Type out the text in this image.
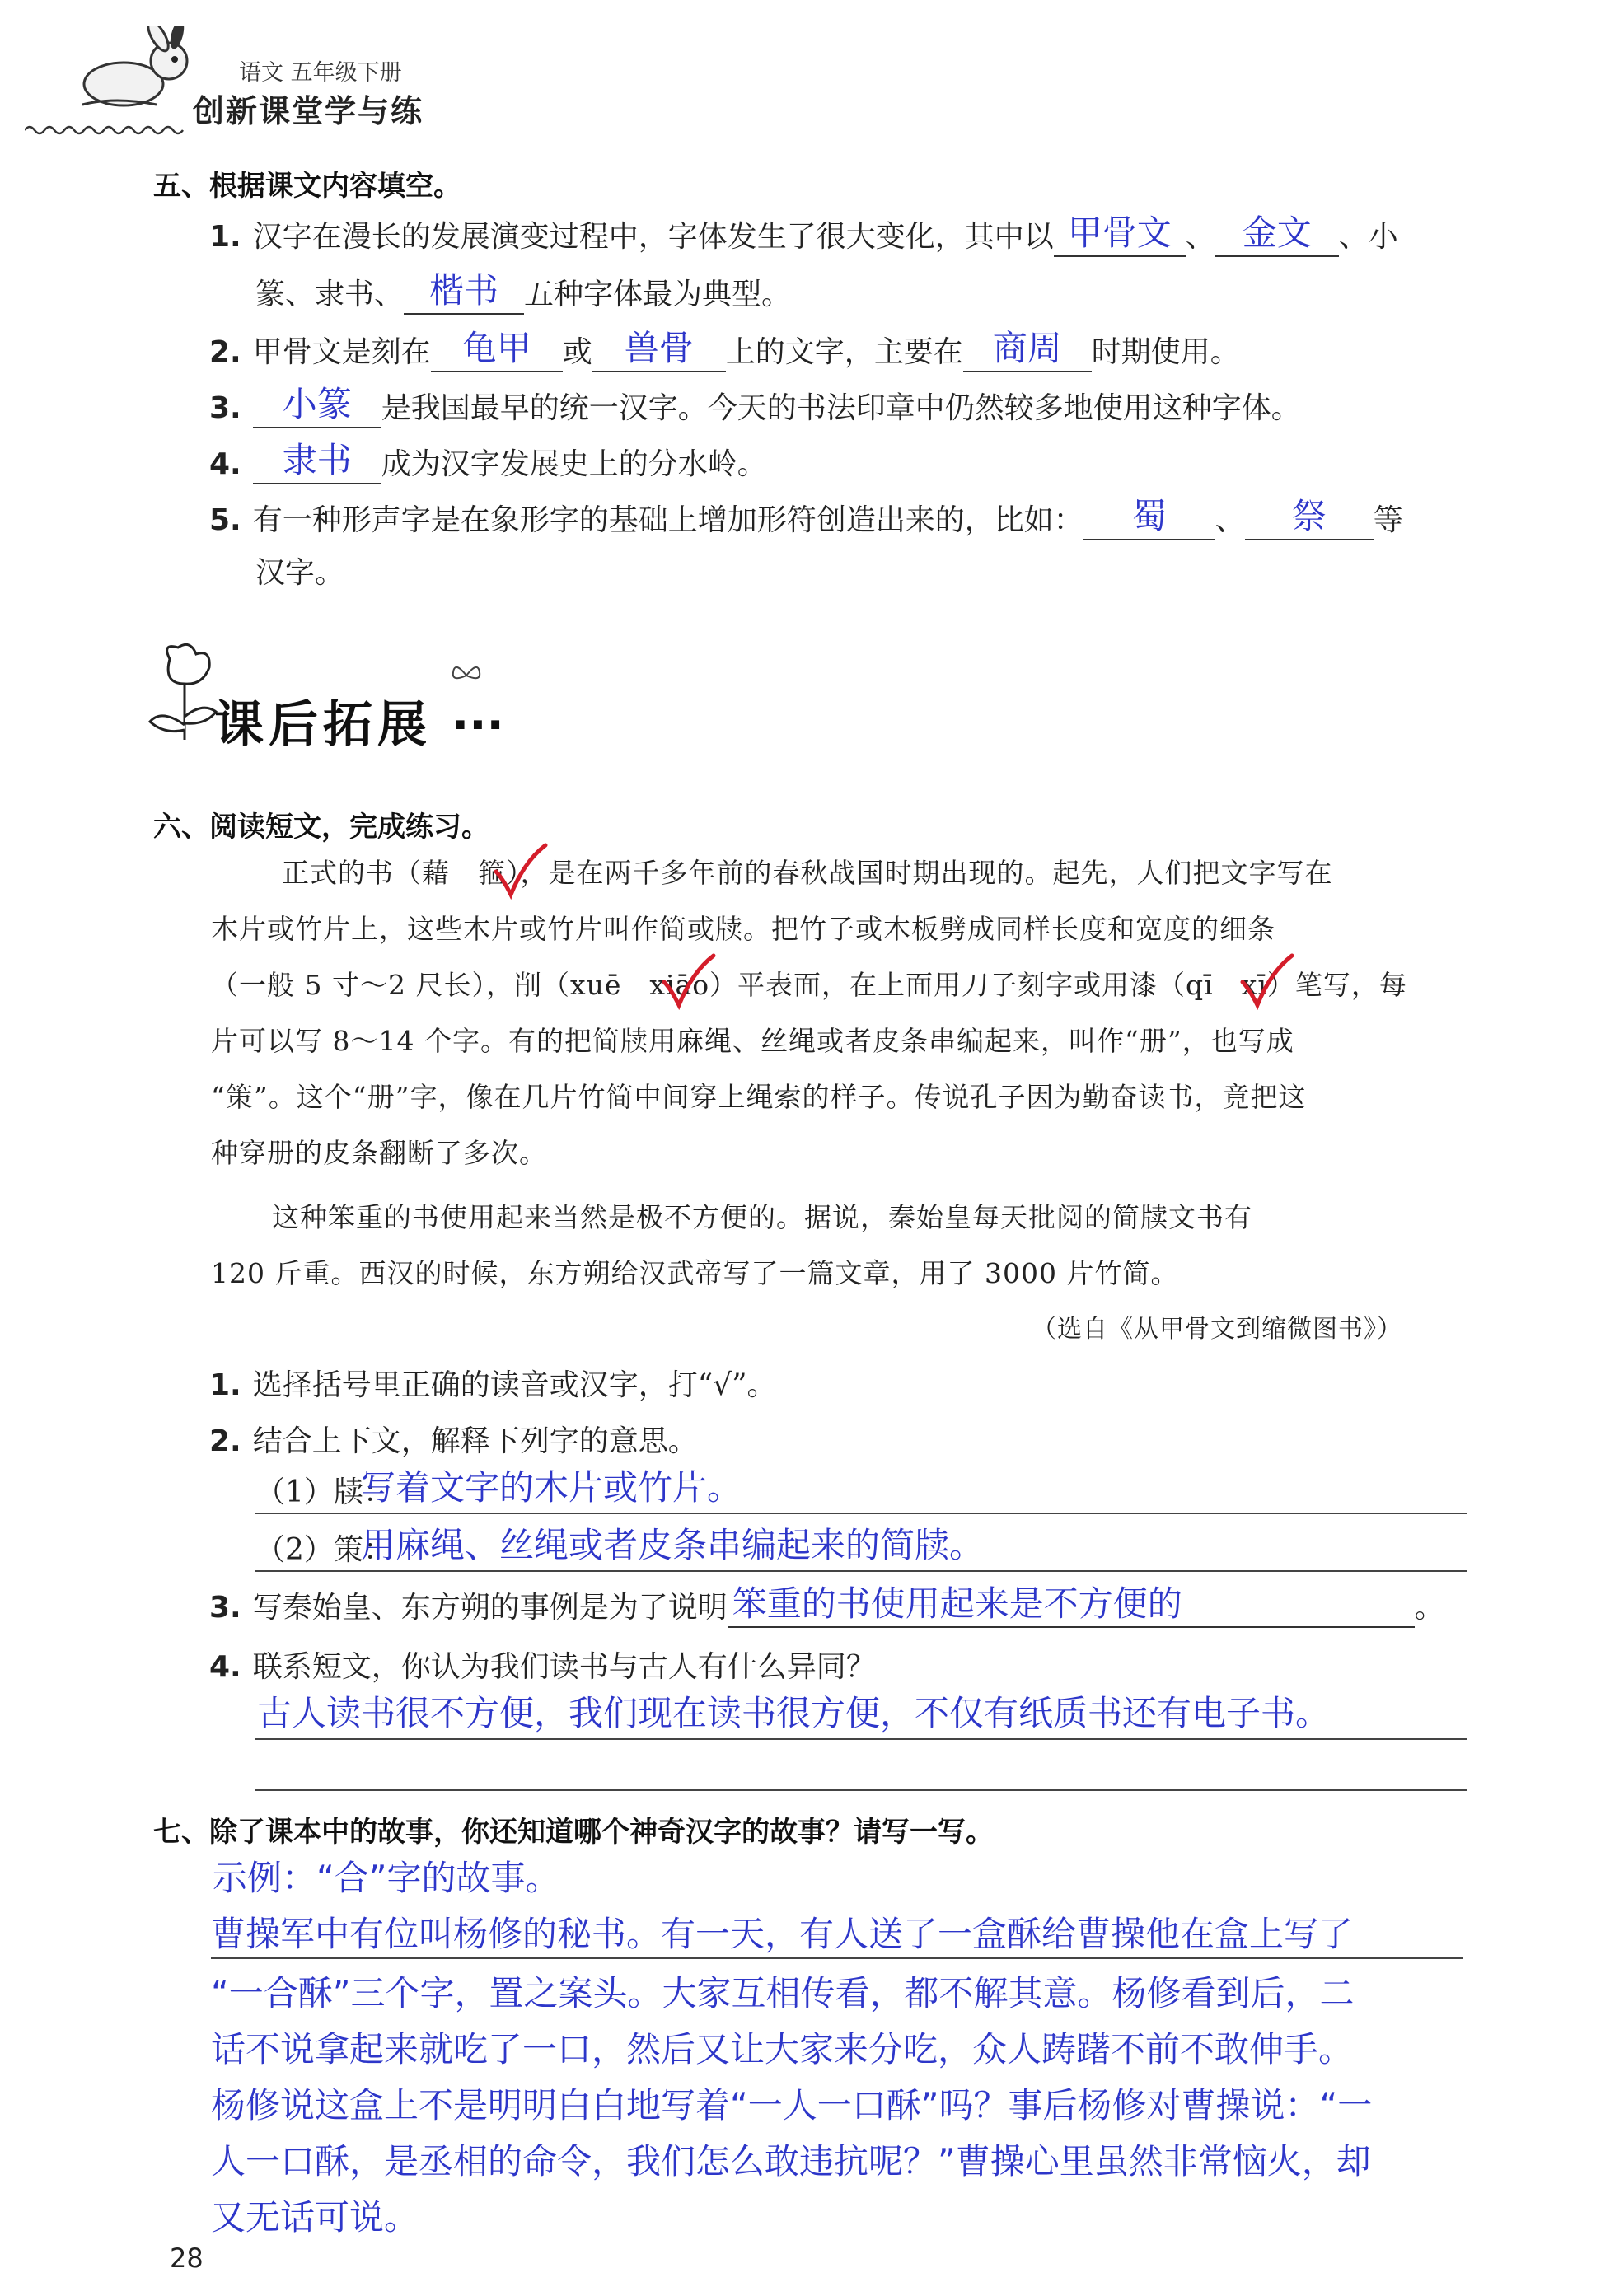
语文 五年级下册
创新课堂学与练
五、根据课文内容填空。
1. 汉字在漫长的发展演变过程中，字体发生了很大变化，其中以 甲骨文 、 金文 、小
篆、隶书、 楷书 五种字体最为典型。
2. 甲骨文是刻在 龟甲	或 兽骨	上的文字，主要在 商周	时期使用。
3.	小篆	是我国最早的统一汉字。今天的书法印章中仍然较多地使用这种字体。
4.	隶书	成为汉字发展史上的分水岭。
5. 有一种形声字是在象形字的基础上增加形符创造出来的，比如：	蜀	、	祭	等
汉字。
课后拓展 ...
六、阅读短文，完成练习。
正式的书（藉　箍），是在两千多年前的春秋战国时期出现的。起先，人们把文字写在
木片或竹片上，这些木片或竹片叫作简或牍。把竹子或木板劈成同样长度和宽度的细条
（一般 5 寸～2 尺长），削（xuē　xiāo）平表面，在上面用刀子刻字或用漆（qī　xī）笔写，每
片可以写 8～14 个字。有的把简牍用麻绳、丝绳或者皮条串编起来，叫作“册”，也写成
“策”。这个“册”字，像在几片竹简中间穿上绳索的样子。传说孔子因为勤奋读书，竟把这
种穿册的皮条翻断了多次。
这种笨重的书使用起来当然是极不方便的。据说，秦始皇每天批阅的简牍文书有
120 斤重。西汉的时候，东方朔给汉武帝写了一篇文章，用了 3000 片竹简。
（选自《从甲骨文到缩微图书》）
1. 选择括号里正确的读音或汉字，打“√”。
2. 结合上下文，解释下列字的意思。
（1）牍：
写着文字的木片或竹片。
（2）策：
用麻绳、丝绳或者皮条串编起来的简牍。
3. 写秦始皇、东方朔的事例是为了说明 笨重的书使用起来是不方便的	。
4. 联系短文，你认为我们读书与古人有什么异同？
古人读书很不方便，我们现在读书很方便，不仅有纸质书还有电子书。
七、除了课本中的故事，你还知道哪个神奇汉字的故事？请写一写。
示例：“合”字的故事。
曹操军中有位叫杨修的秘书。有一天，有人送了一盒酥给曹操他在盒上写了
“一合酥”三个字，置之案头。大家互相传看，都不解其意。杨修看到后，二
话不说拿起来就吃了一口，然后又让大家来分吃，众人踌躇不前不敢伸手。
杨修说这盒上不是明明白白地写着“一人一口酥”吗？事后杨修对曹操说：“一
人一口酥，是丞相的命令，我们怎么敢违抗呢？”曹操心里虽然非常恼火，却
又无话可说。
28
